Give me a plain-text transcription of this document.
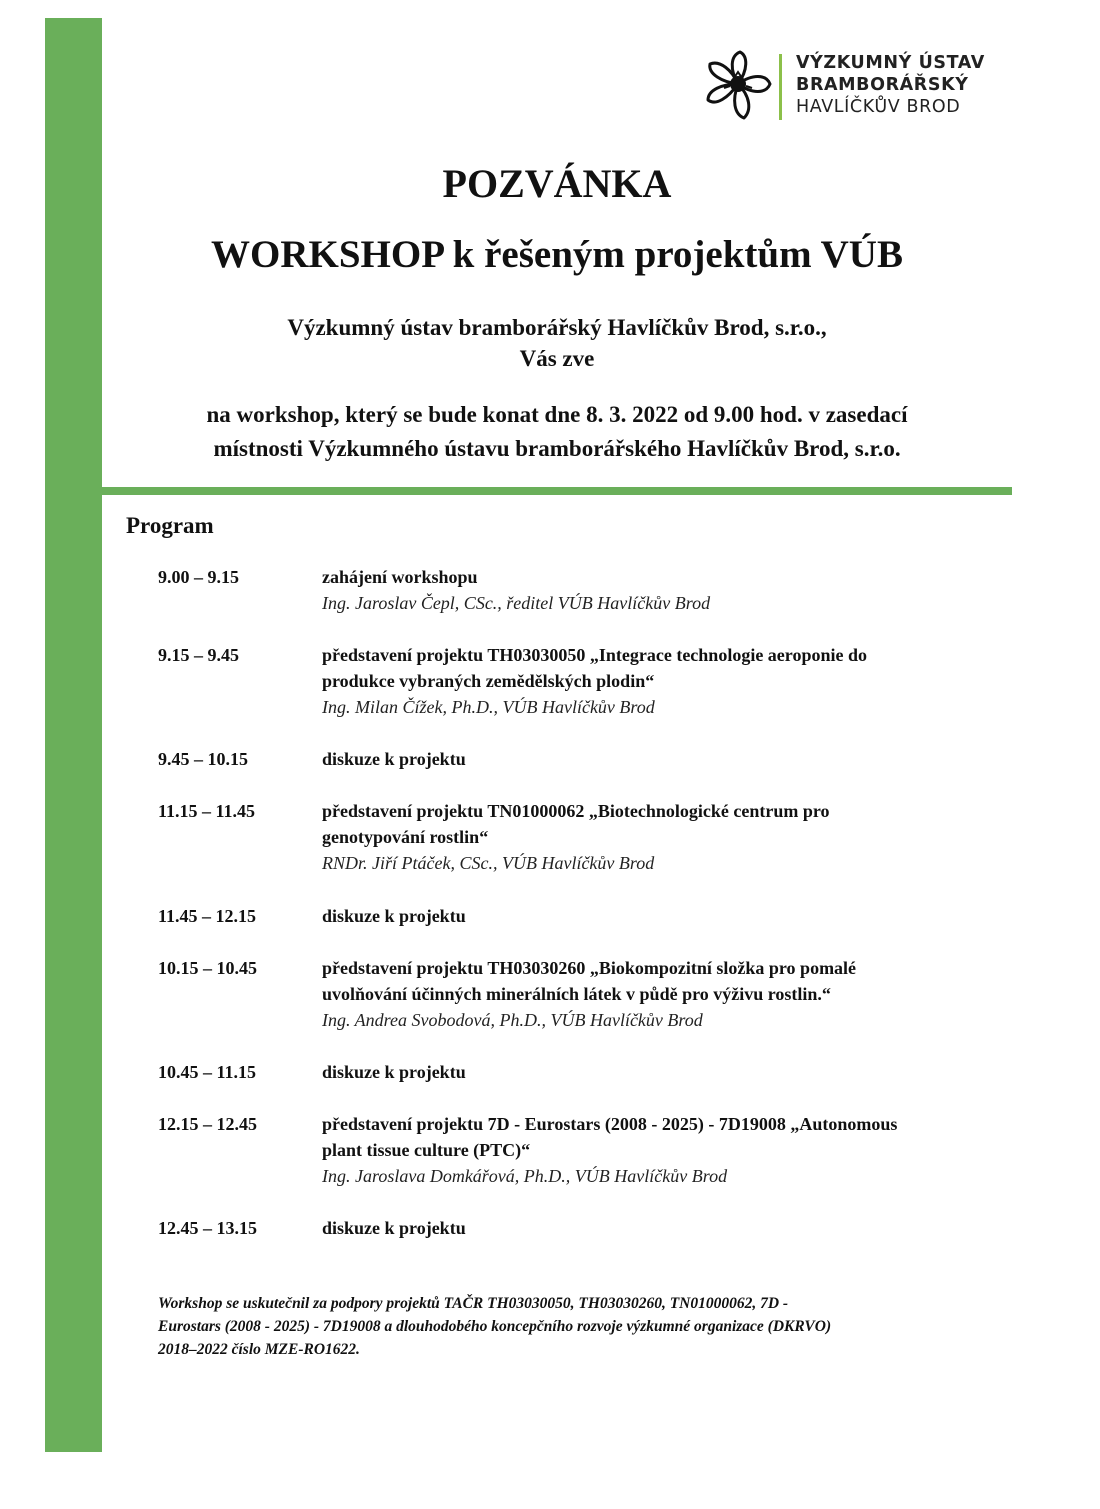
VÝZKUMNÝ ÚSTAV
BRAMBORÁŘSKÝ
HAVLÍČKŮV BROD
POZVÁNKA
WORKSHOP k řešeným projektům VÚB
Výzkumný ústav bramborářský Havlíčkův Brod, s.r.o.,
Vás zve
na workshop, který se bude konat dne 8. 3. 2022 od 9.00 hod. v zasedací
místnosti Výzkumného ústavu bramborářského Havlíčkův Brod, s.r.o.
Program
9.00 – 9.15	zahájení workshopu
Ing. Jaroslav Čepl, CSc., ředitel VÚB Havlíčkův Brod
9.15 – 9.45	představení projektu TH03030050 „Integrace technologie aeroponie do
produkce vybraných zemědělských plodin“
Ing. Milan Čížek, Ph.D., VÚB Havlíčkův Brod
9.45 – 10.15	diskuze k projektu
11.15 – 11.45	představení projektu TN01000062 „Biotechnologické centrum pro
genotypování rostlin“
RNDr. Jiří Ptáček, CSc., VÚB Havlíčkův Brod
11.45 – 12.15	diskuze k projektu
10.15 – 10.45	představení projektu TH03030260 „Biokompozitní složka pro pomalé
uvolňování účinných minerálních látek v půdě pro výživu rostlin.“
Ing. Andrea Svobodová, Ph.D., VÚB Havlíčkův Brod
10.45 – 11.15	diskuze k projektu
12.15 – 12.45	představení projektu 7D - Eurostars (2008 - 2025) - 7D19008 „Autonomous
plant tissue culture (PTC)“
Ing. Jaroslava Domkářová, Ph.D., VÚB Havlíčkův Brod
12.45 – 13.15	diskuze k projektu
Workshop se uskutečnil za podpory projektů TAČR TH03030050, TH03030260, TN01000062, 7D -
Eurostars (2008 - 2025) - 7D19008 a dlouhodobého koncepčního rozvoje výzkumné organizace (DKRVO)
2018–2022 číslo MZE-RO1622.
